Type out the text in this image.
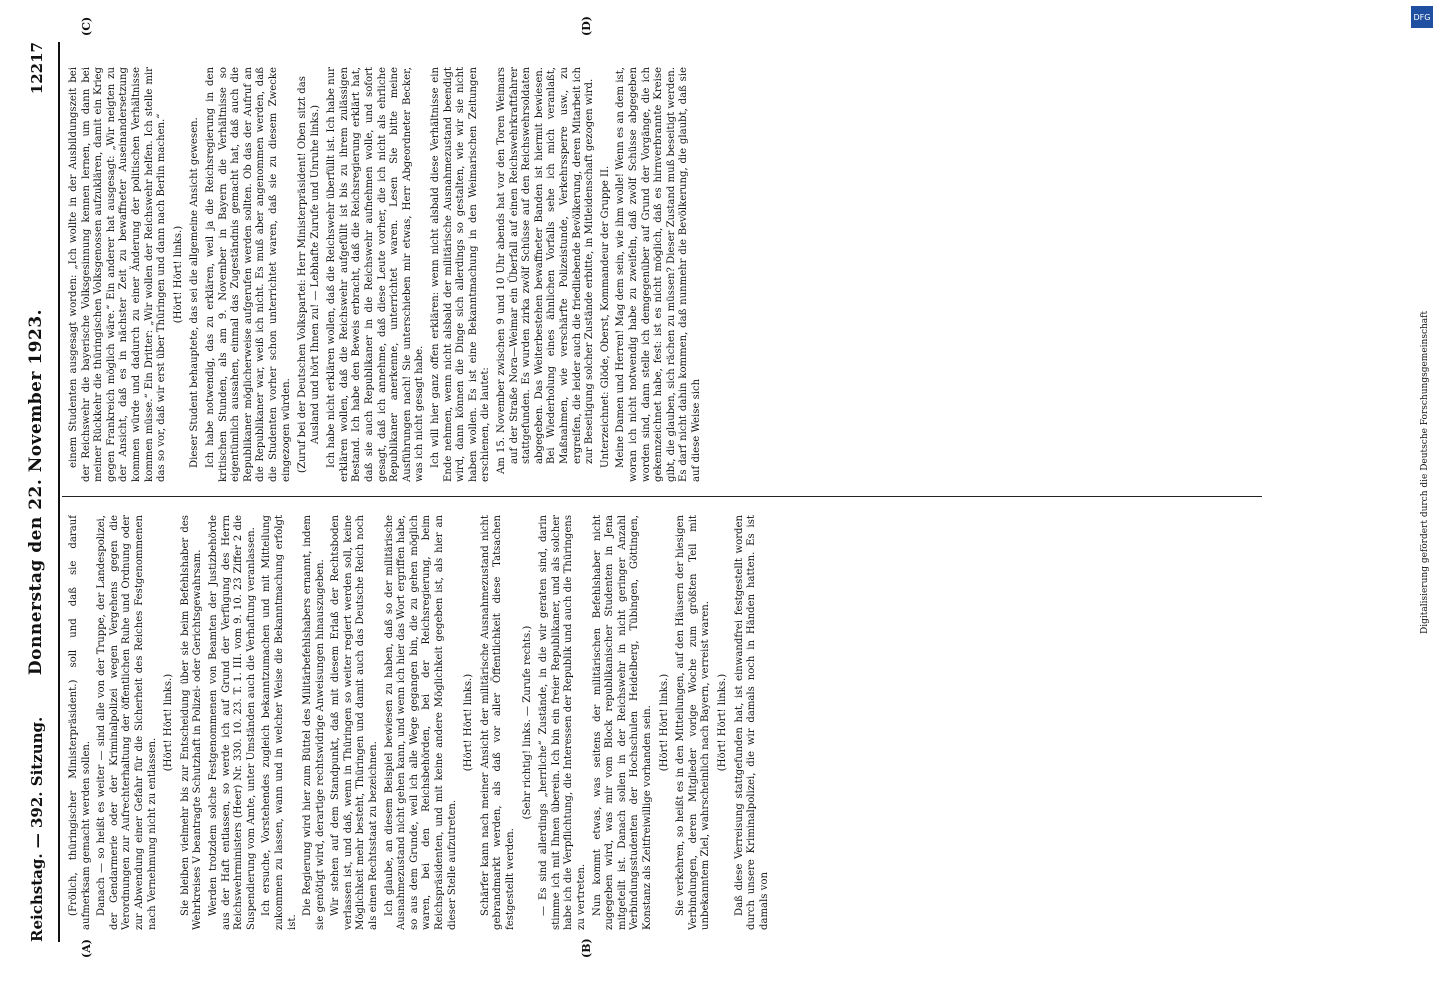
Reichstag. — 392. Sitzung.
Donnerstag den 22. November 1923.
12217
(A)	(B)
(C)	(D)

(Frölich, thüringischer Ministerpräsident.) soll und daß sie darauf aufmerksam gemacht werden sollen. Danach — so heißt es weiter — sind alle von der Truppe, der Landespolizei, der Gendarmerie oder der Kriminalpolizei wegen Vergehens gegen die Verordnungen zur Aufrechterhaltung der öffentlichen Ruhe und Ordnung oder zur Abwendung einer Gefahr für die Sicherheit des Reiches Festgenommenen nach Vernehmung nicht zu entlassen.

(Hört! Hört! links.) Sie bleiben vielmehr bis zur Entscheidung über sie beim Befehlshaber des Wehrkreises V beantragte Schutzhaft in Polizei- oder Gerichtsgewahrsam. Werden trotzdem solche Festgenommenen von Beamten der Justizbehörde aus der Haft entlassen, so werde ich auf Grund der Verfügung des Herrn Reichswehrministers (Heer) Nr. 330. 10. 23. T. 1. III. vom 9. 10. 23 Ziffer 2 die Suspendierung vom Amte, unter Umständen auch die Verhaftung veranlassen. Ich ersuche, Vorstehendes zugleich bekanntzumachen und mit Mitteilung zukommen zu lassen, wann und in welcher Weise die Bekanntmachung erfolgt ist.

Die Regierung wird hier zum Büttel des Militärbefehlshabers ernannt, indem sie genötigt wird, derartige rechtswidrige Anweisungen hinauszugeben. Wir stehen auf dem Standpunkt, daß mit diesem Erlaß der Rechtsboden verlassen ist, und daß, wenn in Thüringen so weiter regiert werden soll, keine Möglichkeit mehr besteht, Thüringen und damit auch das Deutsche Reich noch als einen Rechtsstaat zu bezeichnen. Ich glaube, an diesem Beispiel bewiesen zu haben, daß so der militärische Ausnahmezustand nicht gehen kann, und wenn ich hier das Wort ergriffen habe, so aus dem Grunde, weil ich alle Wege gegangen bin, die zu gehen möglich waren, bei den Reichsbehörden, bei der Reichsregierung, beim Reichspräsidenten, und mit keine andere Möglichkeit gegeben ist, als hier an dieser Stelle aufzutreten.

(Hört! Hört! links.) Schärfer kann nach meiner Ansicht der militärische Ausnahmezustand nicht gebrandmarkt werden, als daß vor aller Öffentlichkeit diese Tatsachen festgestellt werden.

(Sehr richtig! links. — Zurufe rechts.) — Es sind allerdings „herrliche“ Zustände, in die wir geraten sind, darin stimme ich mit Ihnen überein. Ich bin ein freier Republikaner, und als solcher habe ich die Verpflichtung, die Interessen der Republik und auch die Thüringens zu vertreten. Nun kommt etwas, was seitens der militärischen Befehlshaber nicht zugegeben wird, was mir vom Block republikanischer Studenten in Jena mitgeteilt ist. Danach sollen in der Reichswehr in nicht geringer Anzahl Verbindungsstudenten der Hochschulen Heidelberg, Tübingen, Göttingen, Konstanz als Zeitfreiwillige vorhanden sein. (Hört! Hört! links.) Sie verkehren, so heißt es in den Mitteilungen, auf den Häusern der hiesigen Verbindungen, deren Mitglieder vorige Woche zum größten Teil mit unbekanntem Ziel, wahrscheinlich nach Bayern, verreist waren. (Hört! Hört! links.) Daß diese Verreisung stattgefunden hat, ist einwandfrei festgestellt worden durch unsere Kriminalpolizei, die wir damals noch in Händen hatten. Es ist damals von

einem Studenten ausgesagt worden: „Ich wollte in der Ausbildungszeit bei der Reichswehr die bayerische Volksgesinnung kennen lernen, um dann bei meiner Rückkehr die thüringischen Volksgenossen aufzuklären, damit ein Krieg gegen Frankreich möglich wäre.“ Ein anderer hat ausgesagt: „Wir neigten zu der Ansicht, daß es in nächster Zeit zu bewaffneter Auseinandersetzung kommen würde und dadurch zu einer Änderung der politischen Verhältnisse kommen müsse.“ Ein Dritter: „Wir wollen der Reichswehr helfen. Ich stelle mir das so vor, daß wir erst über Thüringen und dann nach Berlin machen.“ (Hört! Hört! links.) Dieser Student behauptete, das sei die allgemeine Ansicht gewesen. Ich habe notwendig, das zu erklären, weil ja die Reichsregierung in den kritischen Stunden, als am 9. November in Bayern die Verhältnisse so eigentümlich aussahen, einmal das Zugeständnis gemacht hat, daß auch die Republikaner möglicherweise aufgerufen werden sollten. Ob das der Aufruf an die Republikaner war, weiß ich nicht. Es muß aber angenommen werden, daß die Studenten vorher schon unterrichtet waren, daß sie zu diesem Zwecke eingezogen würden. (Zuruf bei der Deutschen Volkspartei: Herr Ministerpräsident! Oben sitzt das Ausland und hört Ihnen zu! — Lebhafte Zurufe und Unruhe links.) Ich habe nicht erklären wollen, daß die Reichswehr überfüllt ist. Ich habe nur erklären wollen, daß die Reichswehr aufgefüllt ist bis zu ihrem zulässigen Bestand. Ich habe den Beweis erbracht, daß die Reichsregierung erklärt hat, daß sie auch Republikaner in die Reichswehr aufnehmen wolle, und sofort gesagt, daß ich annehme, daß diese Leute vorher, die ich nicht als ehrliche Republikaner anerkenne, unterrichtet waren. Lesen Sie bitte meine Ausführungen nach! Sie unterschieben mir etwas, Herr Abgeordneter Becker, was ich nicht gesagt habe. Ich will hier ganz offen erklären: wenn nicht alsbald diese Verhältnisse ein Ende nehmen, wenn nicht alsbald der militärische Ausnahmezustand beendigt wird, dann können die Dinge sich allerdings so gestalten, wie wir sie nicht haben wollen. Es ist eine Bekanntmachung in den Weimarischen Zeitungen erschienen, die lautet: Am 15. November zwischen 9 und 10 Uhr abends hat vor den Toren Weimars auf der Straße Nora—Weimar ein Überfall auf einen Reichswehrkraftfahrer stattgefunden. Es wurden zirka zwölf Schüsse auf den Reichswehrsoldaten abgegeben. Das Weiterbestehen bewaffneter Banden ist hiermit bewiesen. Bei Wiederholung eines ähnlichen Vorfalls sehe ich mich veranlaßt, Maßnahmen, wie verschärfte Polizeistunde, Verkehrssperre usw., zu ergreifen, die leider auch die friedliebende Bevölkerung, deren Mitarbeit ich zur Beseitigung solcher Zustände erbitte, in Mitleidenschaft gezogen wird. Unterzeichnet: Glöde, Oberst, Kommandeur der Gruppe II. Meine Damen und Herren! Mag dem sein, wie ihm wolle! Wenn es an dem ist, woran ich nicht notwendig habe zu zweifeln, daß zwölf Schüsse abgegeben worden sind, dann stelle ich demgegenüber auf Grund der Vorgänge, die ich gekennzeichnet habe, fest: ist es nicht möglich, daß es hirnverbrannte Kreise gibt, die glauben, sich rächen zu müssen? Dieser Zustand muß beseitigt werden. Es darf nicht dahin kommen, daß nunmehr die Bevölkerung, die glaubt, daß sie auf diese Weise sich

DFG
Digitalisierung gefördert durch die Deutsche Forschungsgemeinschaft
